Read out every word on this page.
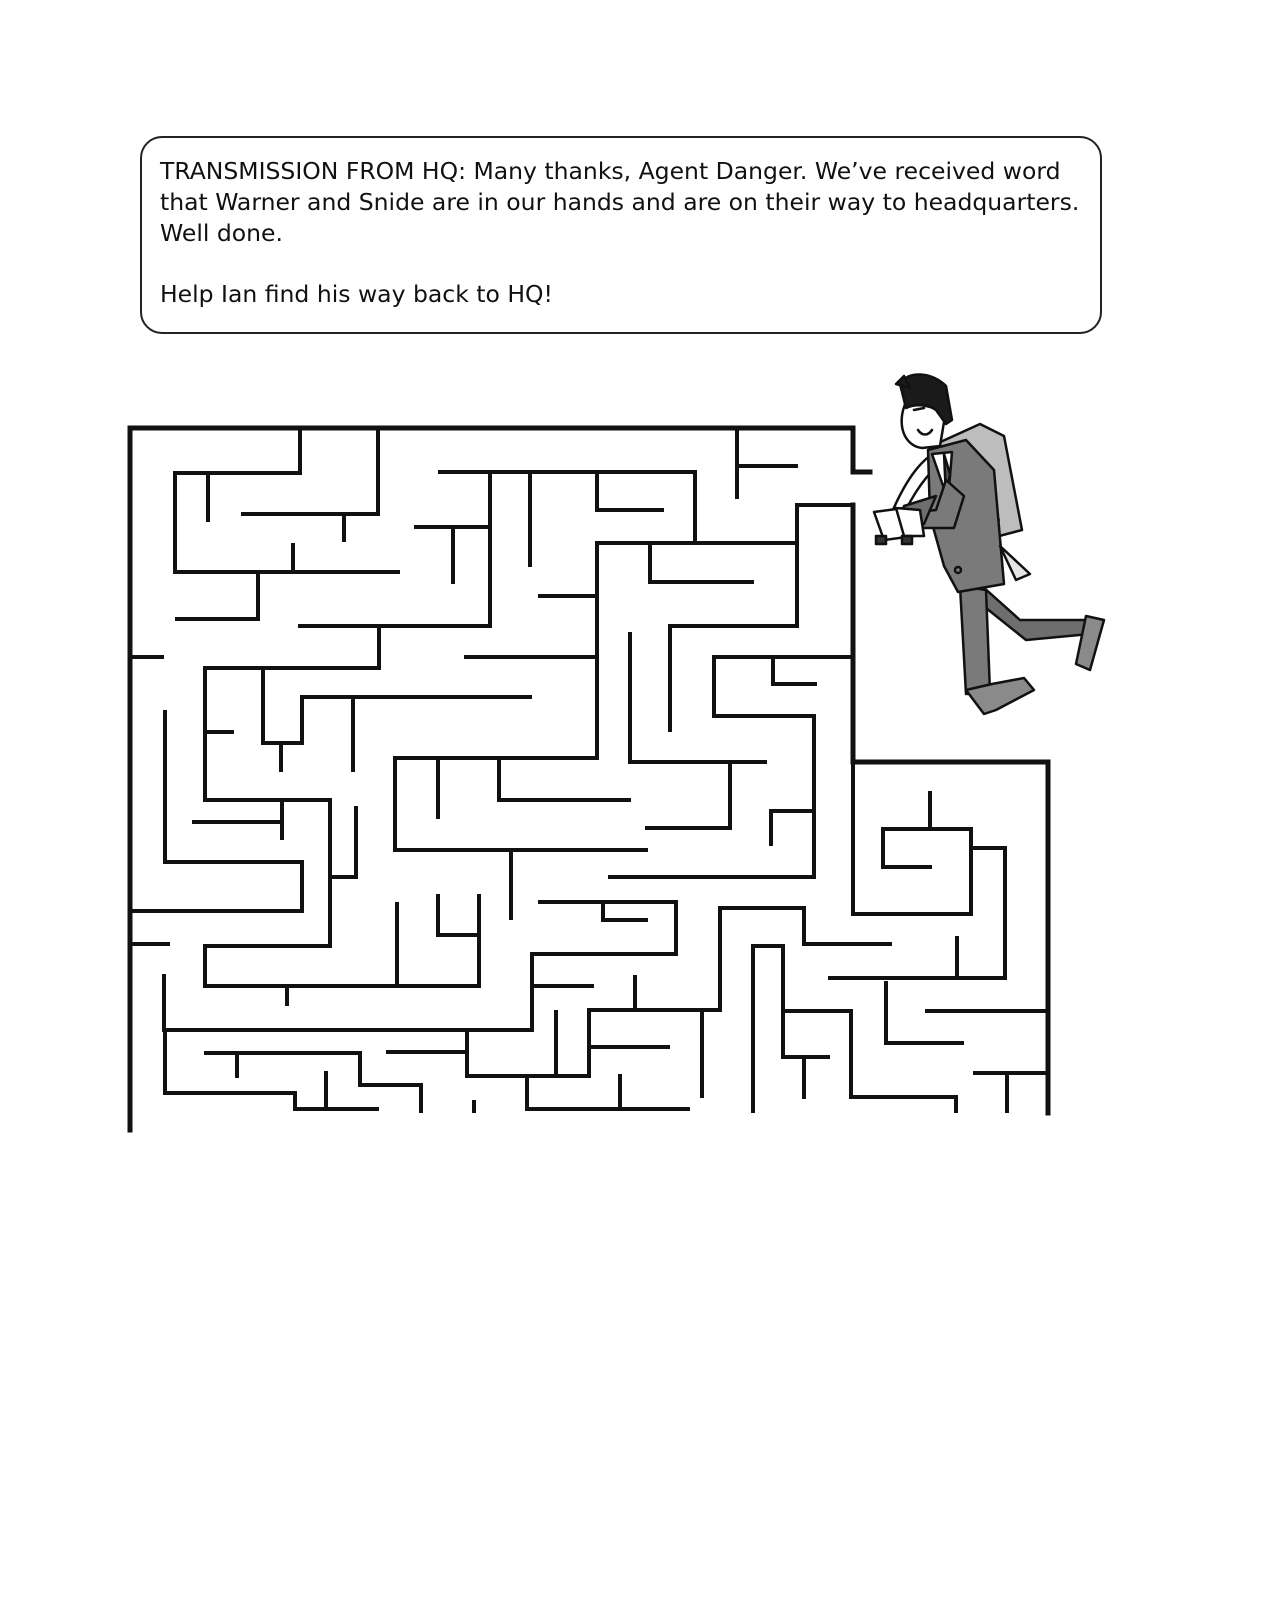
TRANSMISSION FROM HQ: Many thanks, Agent Danger. We’ve received word that Warner and Snide are in our hands and are on their way to headquarters. Well done.

Help Ian find his way back to HQ!
